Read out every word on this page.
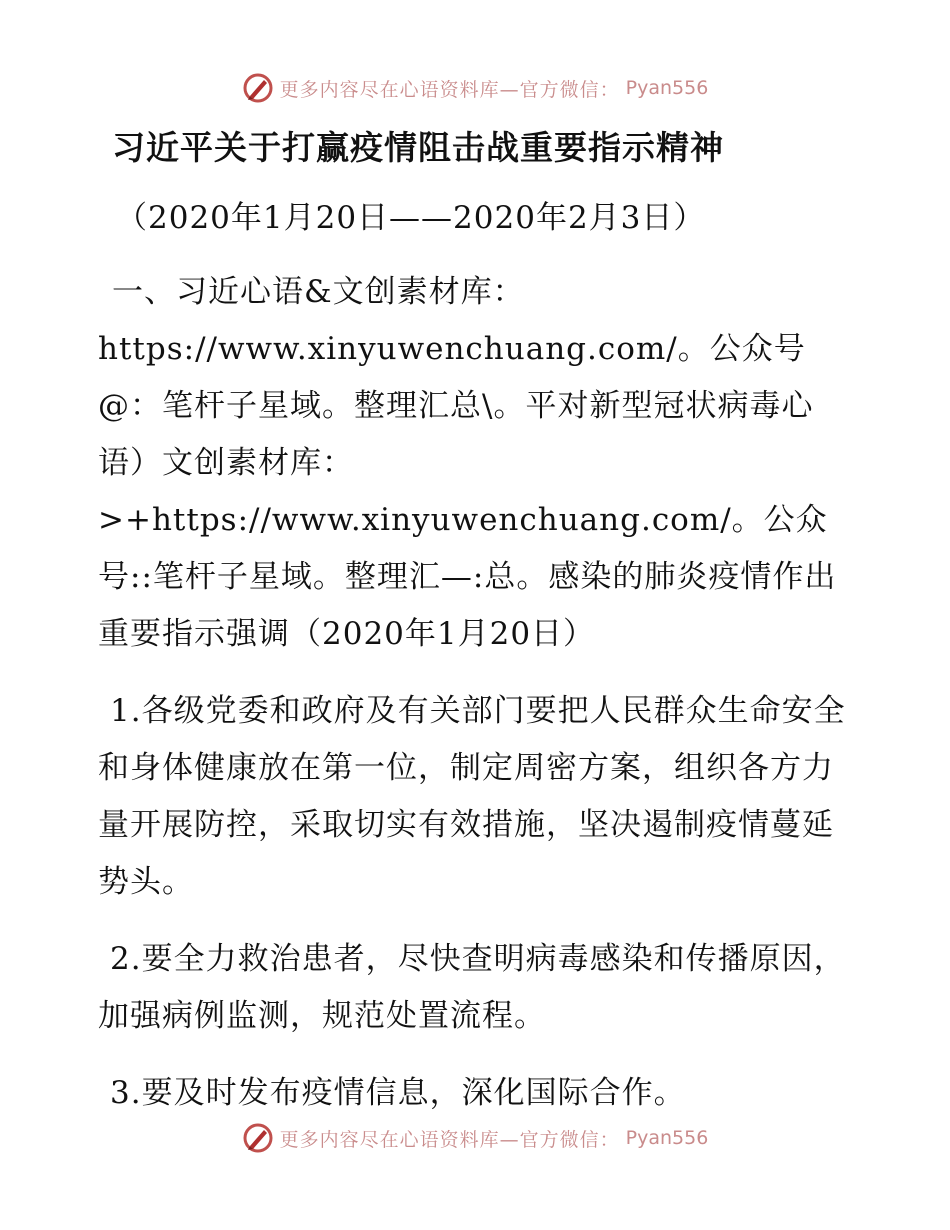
更多内容尽在心语资料库—官方微信： Pyan556
习近平关于打赢疫情阻击战重要指示精神

（2020年1月20日——2020年2月3日）

一、习近心语&文创素材库：https://www.xinyuwenchuang.com/。公众号@：笔杆子星域。整理汇总\。平对新型冠状病毒心语）文创素材库：>+https://www.xinyuwenchuang.com/。公众号::笔杆子星域。整理汇—:总。感染的肺炎疫情作出重要指示强调（2020年1月20日）

1.各级党委和政府及有关部门要把人民群众生命安全和身体健康放在第一位，制定周密方案，组织各方力量开展防控，采取切实有效措施，坚决遏制疫情蔓延势头。

2.要全力救治患者，尽快查明病毒感染和传播原因，加强病例监测，规范处置流程。

3.要及时发布疫情信息，深化国际合作。

更多内容尽在心语资料库—官方微信： Pyan556
